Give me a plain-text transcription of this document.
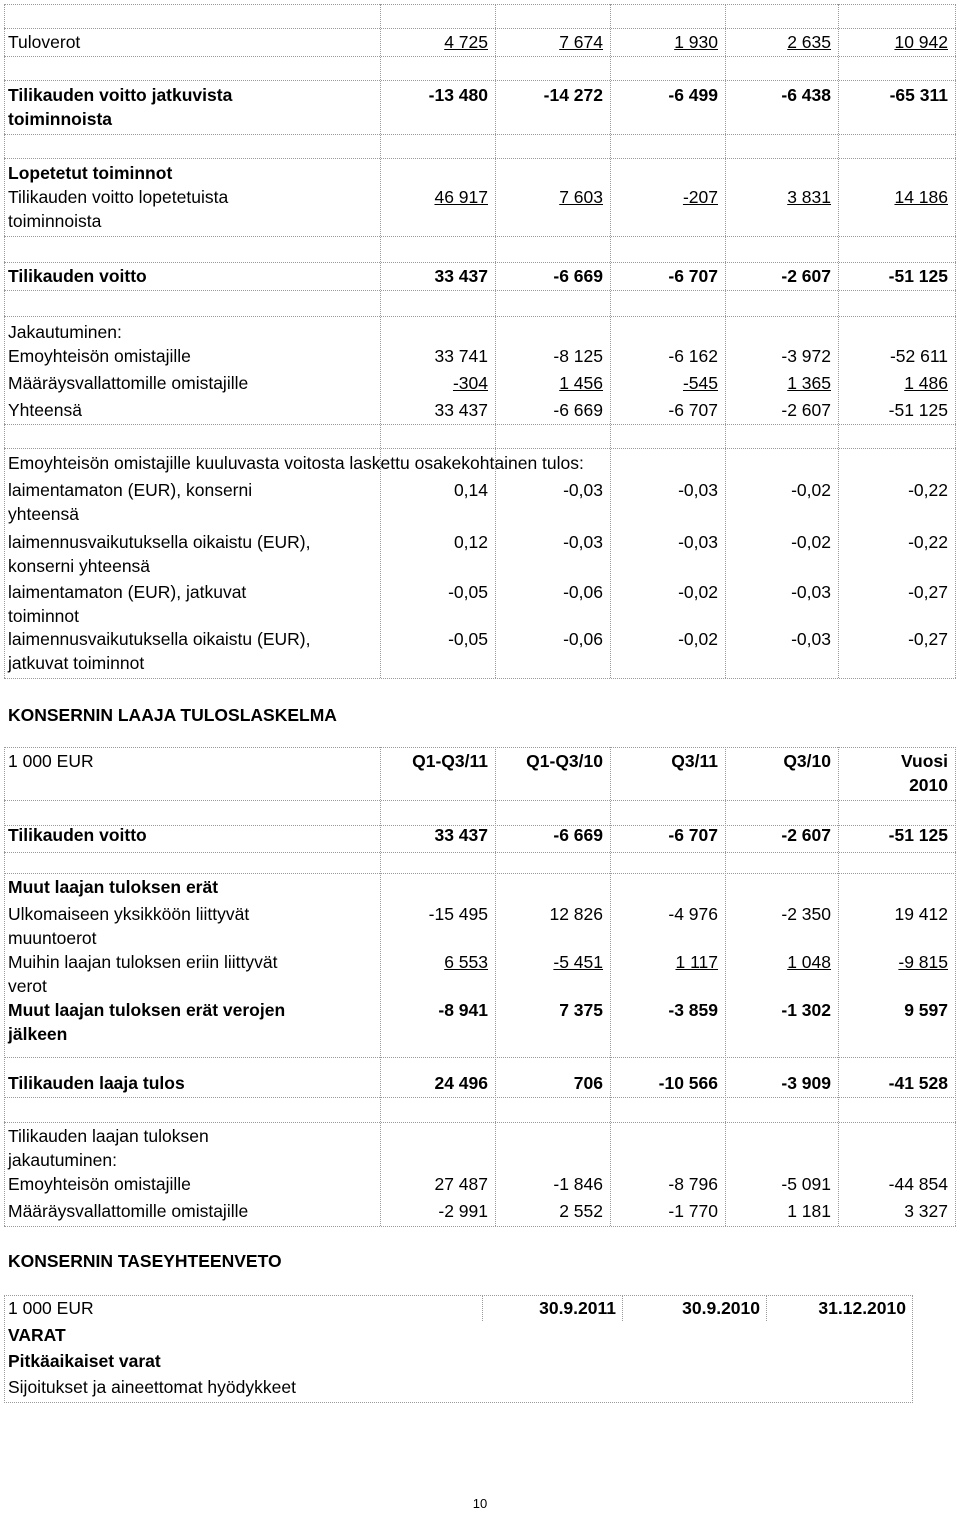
Tuloverot	4 725	7 674	1 930	2 635	10 942
Tilikauden voitto jatkuvista
toiminnoista
-13 480	-14 272	-6 499	-6 438	-65 311
Lopetetut toiminnot
Tilikauden voitto lopetetuista
toiminnoista
46 917	7 603	-207	3 831	14 186
Tilikauden voitto	33 437	-6 669	-6 707	-2 607	-51 125
Jakautuminen:
Emoyhteisön omistajille	33 741	-8 125	-6 162	-3 972	-52 611
Määräysvallattomille omistajille	-304	1 456	-545	1 365	1 486
Yhteensä	33 437	-6 669	-6 707	-2 607	-51 125
Emoyhteisön omistajille kuuluvasta voitosta laskettu osakekohtainen tulos:
laimentamaton (EUR), konserni
yhteensä
0,14	-0,03	-0,03	-0,02	-0,22
laimennusvaikutuksella oikaistu (EUR),
konserni yhteensä
0,12	-0,03	-0,03	-0,02	-0,22
laimentamaton (EUR), jatkuvat
toiminnot
-0,05	-0,06	-0,02	-0,03	-0,27
laimennusvaikutuksella oikaistu (EUR),
jatkuvat toiminnot
-0,05	-0,06	-0,02	-0,03	-0,27
KONSERNIN LAAJA TULOSLASKELMA
1 000 EUR	Q1-Q3/11	Q1-Q3/10	Q3/11	Q3/10	Vuosi
2010
Tilikauden voitto	33 437	-6 669	-6 707	-2 607	-51 125
Muut laajan tuloksen erät
Ulkomaiseen yksikköön liittyvät
muuntoerot
-15 495	12 826	-4 976	-2 350	19 412
Muihin laajan tuloksen eriin liittyvät
verot
6 553	-5 451	1 117	1 048	-9 815
Muut laajan tuloksen erät verojen
jälkeen
-8 941	7 375	-3 859	-1 302	9 597
Tilikauden laaja tulos	24 496	706	-10 566	-3 909	-41 528
Tilikauden laajan tuloksen
jakautuminen:
Emoyhteisön omistajille	27 487	-1 846	-8 796	-5 091	-44 854
Määräysvallattomille omistajille	-2 991	2 552	-1 770	1 181	3 327
KONSERNIN TASEYHTEENVETO
1 000 EUR	30.9.2011	30.9.2010	31.12.2010
VARAT
Pitkäaikaiset varat
Sijoitukset ja aineettomat hyödykkeet
10
